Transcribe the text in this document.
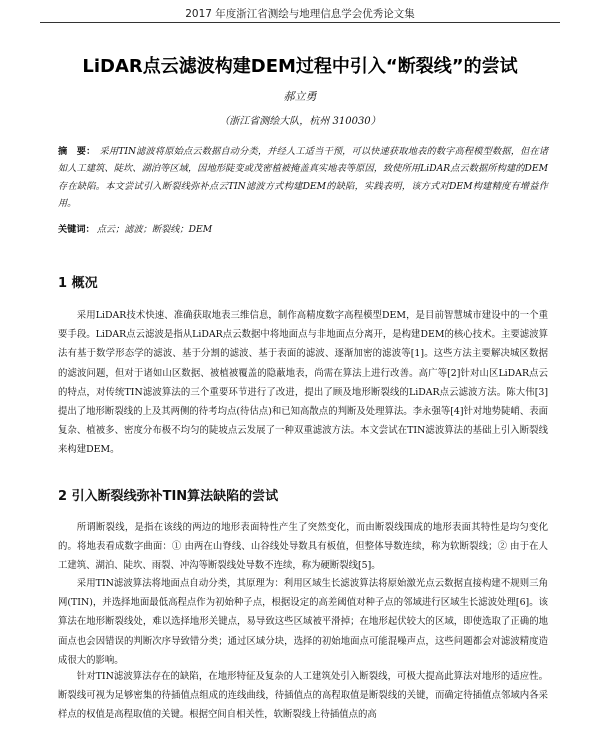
2017 年度浙江省测绘与地理信息学会优秀论文集
LiDAR点云滤波构建DEM过程中引入“断裂线”的尝试
郝立勇
（浙江省测绘大队，杭州 310030）
摘　要： 采用TIN滤波将原始点云数据自动分类，并经人工适当干预，可以快速获取地表的数字高程模型数据，但在诸如人工建筑、陡坎、湖泊等区域，因地形陡变或茂密植被掩盖真实地表等原因，致使所用LiDAR点云数据所构建的DEM存在缺陷。本文尝试引入断裂线弥补点云TIN滤波方式构建DEM的缺陷，实践表明，该方式对DEM构建精度有增益作用。
关键词： 点云；滤波；断裂线；DEM
1 概况
采用LiDAR技术快速、准确获取地表三维信息，制作高精度数字高程模型DEM，是目前智慧城市建设中的一个重要手段。LiDAR点云滤波是指从LiDAR点云数据中将地面点与非地面点分离开，是构建DEM的核心技术。主要滤波算法有基于数学形态学的滤波、基于分割的滤波、基于表面的滤波、逐渐加密的滤波等[1]。这些方法主要解决城区数据的滤波问题，但对于诸如山区数据、被植被覆盖的隐蔽地表，尚需在算法上进行改善。高广等[2]针对山区LiDAR点云的特点，对传统TIN滤波算法的三个重要环节进行了改进，提出了顾及地形断裂线的LiDAR点云滤波方法。陈大伟[3]提出了地形断裂线的上及其两侧的待考均点(待估点)和已知高散点的判断及处理算法。李永强等[4]针对地势陡峭、表面复杂、植被多、密度分布极不均匀的陡坡点云发展了一种双重滤波方法。本文尝试在TIN滤波算法的基础上引入断裂线来构建DEM。
2 引入断裂线弥补TIN算法缺陷的尝试
所谓断裂线，是指在该线的两边的地形表面特性产生了突然变化，而由断裂线围成的地形表面其特性是均匀变化的。将地表看成数字曲面：① 由两在山脊线、山谷线处导数具有板值，但整体导数连续，称为软断裂线；② 由于在人工建筑、湖泊、陡坎、雨裂、冲沟等断裂线处导数不连续，称为硬断裂线[5]。
采用TIN滤波算法将地面点自动分类，其原理为：利用区域生长滤波算法将原始激光点云数据直接构建不规则三角网(TIN)，并选择地面最低高程点作为初始种子点，根据设定的高差阈值对种子点的邻域进行区域生长滤波处理[6]。该算法在地形断裂线处，难以选择地形关键点，易导致这些区域被平滑掉；在地形起伏较大的区域，即使选取了正确的地面点也会因错误的判断次序导致错分类；通过区域分块，选择的初始地面点可能混噪声点，这些问题都会对滤波精度造成很大的影响。
针对TIN滤波算法存在的缺陷，在地形特征及复杂的人工建筑处引入断裂线，可极大提高此算法对地形的适应性。断裂线可视为足够密集的待插值点组成的连线曲线，待插值点的高程取值是断裂线的关键，而确定待插值点邻域内各采样点的权值是高程取值的关键。根据空间自相关性，软断裂线上待插值点的高
